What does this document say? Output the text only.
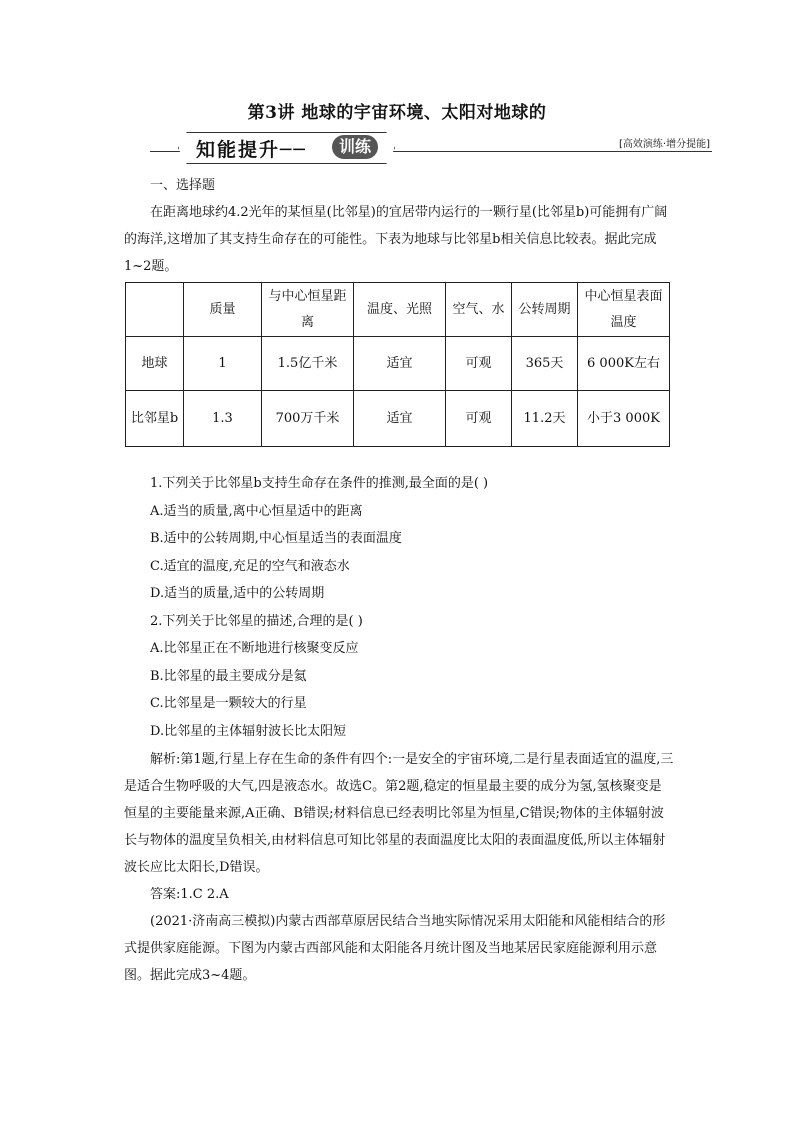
第3讲 地球的宇宙环境、太阳对地球的
知能提升──	训练	[高效演练·增分提能]

一、选择题

在距离地球约4.2光年的某恒星(比邻星)的宜居带内运行的一颗行星(比邻星b)可能拥有广阔的海洋,这增加了其支持生命存在的可能性。下表为地球与比邻星b相关信息比较表。据此完成1~2题。

	质量	与中心恒星距离	温度、光照	空气、水	公转周期	中心恒星表面温度
地球	1	1.5亿千米	适宜	可观	365天	6 000K左右
比邻星b	1.3	700万千米	适宜	可观	11.2天	小于3 000K

1.下列关于比邻星b支持生命存在条件的推测,最全面的是( )

A.适当的质量,离中心恒星适中的距离

B.适中的公转周期,中心恒星适当的表面温度

C.适宜的温度,充足的空气和液态水

D.适当的质量,适中的公转周期

2.下列关于比邻星的描述,合理的是( )

A.比邻星正在不断地进行核聚变反应

B.比邻星的最主要成分是氦

C.比邻星是一颗较大的行星

D.比邻星的主体辐射波长比太阳短

解析:第1题,行星上存在生命的条件有四个:一是安全的宇宙环境,二是行星表面适宜的温度,三是适合生物呼吸的大气,四是液态水。故选C。第2题,稳定的恒星最主要的成分为氢,氢核聚变是恒星的主要能量来源,A正确、B错误;材料信息已经表明比邻星为恒星,C错误;物体的主体辐射波长与物体的温度呈负相关,由材料信息可知比邻星的表面温度比太阳的表面温度低,所以主体辐射波长应比太阳长,D错误。

答案:1.C 2.A

(2021·济南高三模拟)内蒙古西部草原居民结合当地实际情况采用太阳能和风能相结合的形式提供家庭能源。下图为内蒙古西部风能和太阳能各月统计图及当地某居民家庭能源利用示意图。据此完成3~4题。
